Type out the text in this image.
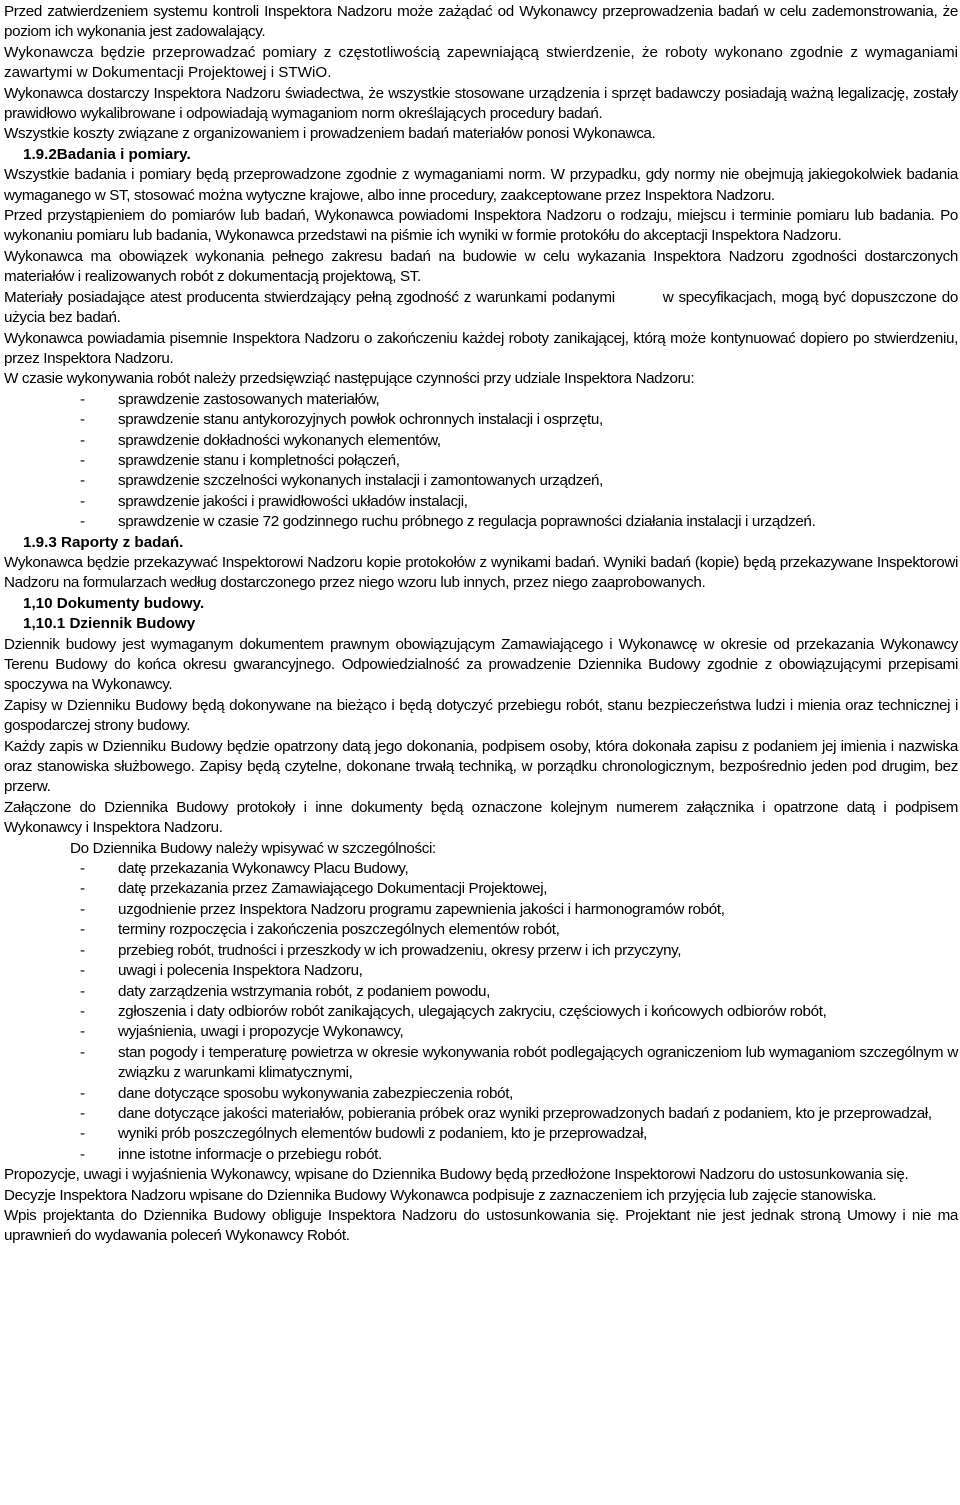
Przed zatwierdzeniem systemu kontroli Inspektora Nadzoru może zażądać od Wykonawcy przeprowadzenia badań w celu zademonstrowania, że poziom ich wykonania jest zadowalający.

Wykonawcza będzie przeprowadzać pomiary z częstotliwością zapewniającą stwierdzenie, że roboty wykonano zgodnie z wymaganiami zawartymi w Dokumentacji Projektowej i STWiO.

Wykonawca dostarczy Inspektora Nadzoru świadectwa, że wszystkie stosowane urządzenia i sprzęt badawczy posiadają ważną legalizację, zostały prawidłowo wykalibrowane i odpowiadają wymaganiom norm określających procedury badań.

Wszystkie koszty związane z organizowaniem i prowadzeniem badań materiałów ponosi Wykonawca.

1.9.2Badania i pomiary.

Wszystkie badania i pomiary będą przeprowadzone zgodnie z wymaganiami norm. W przypadku, gdy normy nie obejmują jakiegokolwiek badania wymaganego w ST, stosować można wytyczne krajowe, albo inne procedury, zaakceptowane przez Inspektora Nadzoru.

Przed przystąpieniem do pomiarów lub badań, Wykonawca powiadomi Inspektora Nadzoru o rodzaju, miejscu i terminie pomiaru lub badania. Po wykonaniu pomiaru lub badania, Wykonawca przedstawi na piśmie ich wyniki w formie protokółu do akceptacji Inspektora Nadzoru.

Wykonawca ma obowiązek wykonania pełnego zakresu badań na budowie w celu wykazania Inspektora Nadzoru zgodności dostarczonych materiałów i realizowanych robót z dokumentacją projektową, ST.

Materiały posiadające atest producenta stwierdzający pełną zgodność z warunkami podanymi	w specyfikacjach, mogą być dopuszczone do użycia bez badań.

Wykonawca powiadamia pisemnie Inspektora Nadzoru o zakończeniu każdej roboty zanikającej, którą może kontynuować dopiero po stwierdzeniu, przez Inspektora Nadzoru.

W czasie wykonywania robót należy przedsięwziąć następujące czynności przy udziale Inspektora Nadzoru:

- sprawdzenie zastosowanych materiałów,
- sprawdzenie stanu antykorozyjnych powłok ochronnych instalacji i osprzętu,
- sprawdzenie dokładności wykonanych elementów,
- sprawdzenie stanu i kompletności połączeń,
- sprawdzenie szczelności wykonanych instalacji i zamontowanych urządzeń,
- sprawdzenie jakości i prawidłowości układów instalacji,
- sprawdzenie w czasie 72 godzinnego ruchu próbnego z regulacja poprawności działania instalacji i urządzeń.
1.9.3 Raporty z badań.

Wykonawca będzie przekazywać Inspektorowi Nadzoru kopie protokołów z wynikami badań. Wyniki badań (kopie) będą przekazywane Inspektorowi Nadzoru na formularzach według dostarczonego przez niego wzoru lub innych, przez niego zaaprobowanych.

1,10 Dokumenty budowy.
1,10.1 Dziennik Budowy

Dziennik budowy jest wymaganym dokumentem prawnym obowiązującym Zamawiającego i Wykonawcę w okresie od przekazania Wykonawcy Terenu Budowy do końca okresu gwarancyjnego. Odpowiedzialność za prowadzenie Dziennika Budowy zgodnie z obowiązującymi przepisami spoczywa na Wykonawcy.

Zapisy w Dzienniku Budowy będą dokonywane na bieżąco i będą dotyczyć przebiegu robót, stanu bezpieczeństwa ludzi i mienia oraz technicznej i gospodarczej strony budowy.

Każdy zapis w Dzienniku Budowy będzie opatrzony datą jego dokonania, podpisem osoby, która dokonała zapisu z podaniem jej imienia i nazwiska oraz stanowiska służbowego. Zapisy będą czytelne, dokonane trwałą techniką, w porządku chronologicznym, bezpośrednio jeden pod drugim, bez przerw.

Załączone do Dziennika Budowy protokoły i inne dokumenty będą oznaczone kolejnym numerem załącznika i opatrzone datą i podpisem Wykonawcy i Inspektora Nadzoru.

Do Dziennika Budowy należy wpisywać w szczególności:

- datę przekazania Wykonawcy Placu Budowy,
- datę przekazania przez Zamawiającego Dokumentacji Projektowej,
- uzgodnienie przez Inspektora Nadzoru programu zapewnienia jakości i harmonogramów robót,
- terminy rozpoczęcia i zakończenia poszczególnych elementów robót,
- przebieg robót, trudności i przeszkody w ich prowadzeniu, okresy przerw i ich przyczyny,
- uwagi i polecenia Inspektora Nadzoru,
- daty zarządzenia wstrzymania robót, z podaniem powodu,
- zgłoszenia i daty odbiorów robót zanikających, ulegających zakryciu, częściowych i końcowych odbiorów robót,
- wyjaśnienia, uwagi i propozycje Wykonawcy,
- stan pogody i temperaturę powietrza w okresie wykonywania robót podlegających ograniczeniom lub wymaganiom szczególnym w związku z warunkami klimatycznymi,
- dane dotyczące sposobu wykonywania zabezpieczenia robót,
- dane dotyczące jakości materiałów, pobierania próbek oraz wyniki przeprowadzonych badań z podaniem, kto je przeprowadzał,
- wyniki prób poszczególnych elementów budowli z podaniem, kto je przeprowadzał,
- inne istotne informacje o przebiegu robót.

Propozycje, uwagi i wyjaśnienia Wykonawcy, wpisane do Dziennika Budowy będą przedłożone Inspektorowi Nadzoru do ustosunkowania się.

Decyzje Inspektora Nadzoru wpisane do Dziennika Budowy Wykonawca podpisuje z zaznaczeniem ich przyjęcia lub zajęcie stanowiska.

Wpis projektanta do Dziennika Budowy obliguje Inspektora Nadzoru do ustosunkowania się. Projektant nie jest jednak stroną Umowy i nie ma uprawnień do wydawania poleceń Wykonawcy Robót.
